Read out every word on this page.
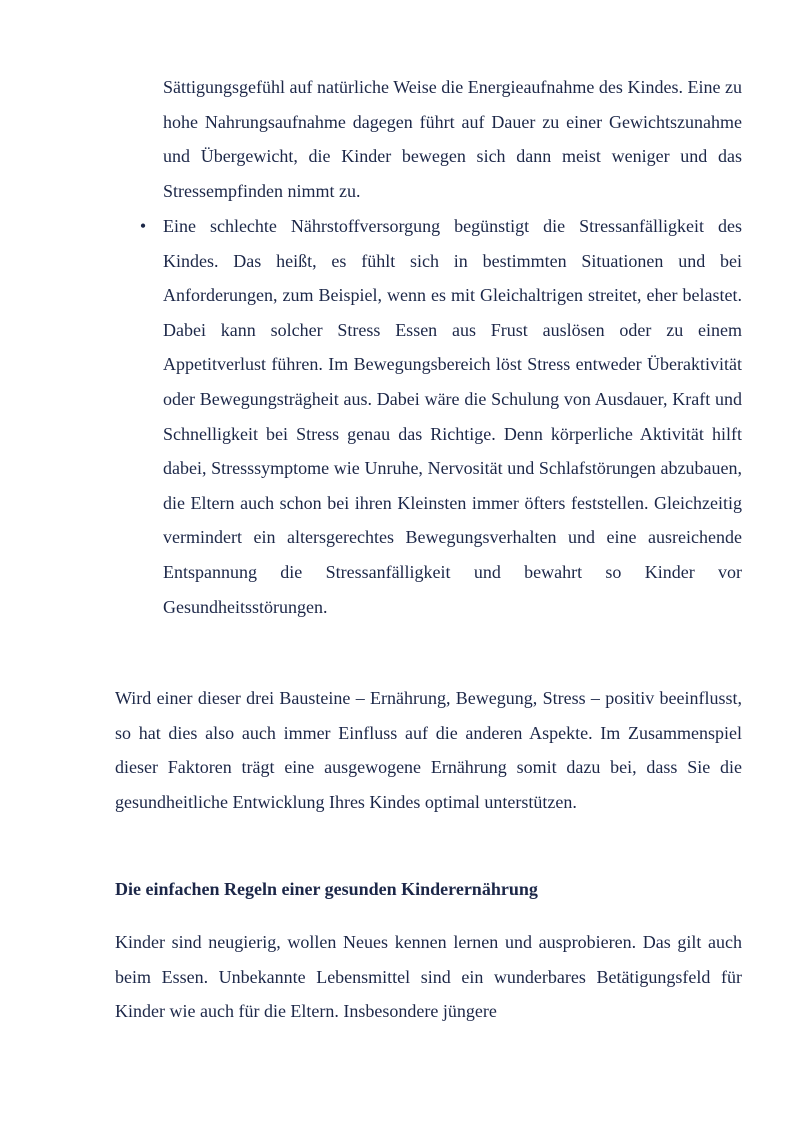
Sättigungsgefühl auf natürliche Weise die Energieaufnahme des Kindes. Eine zu hohe Nahrungsaufnahme dagegen führt auf Dauer zu einer Gewichtszunahme und Übergewicht, die Kinder bewegen sich dann meist weniger und das Stressempfinden nimmt zu.
• Eine schlechte Nährstoffversorgung begünstigt die Stressanfälligkeit des Kindes. Das heißt, es fühlt sich in bestimmten Situationen und bei Anforderungen, zum Beispiel, wenn es mit Gleichaltrigen streitet, eher belastet. Dabei kann solcher Stress Essen aus Frust auslösen oder zu einem Appetitverlust führen. Im Bewegungsbereich löst Stress entweder Überaktivität oder Bewegungsträgheit aus. Dabei wäre die Schulung von Ausdauer, Kraft und Schnelligkeit bei Stress genau das Richtige. Denn körperliche Aktivität hilft dabei, Stresssymptome wie Unruhe, Nervosität und Schlafstörungen abzubauen, die Eltern auch schon bei ihren Kleinsten immer öfters feststellen. Gleichzeitig vermindert ein altersgerechtes Bewegungsverhalten und eine ausreichende Entspannung die Stressanfälligkeit und bewahrt so Kinder vor Gesundheitsstörungen.
Wird einer dieser drei Bausteine – Ernährung, Bewegung, Stress – positiv beeinflusst, so hat dies also auch immer Einfluss auf die anderen Aspekte. Im Zusammenspiel dieser Faktoren trägt eine ausgewogene Ernährung somit dazu bei, dass Sie die gesundheitliche Entwicklung Ihres Kindes optimal unterstützen.
Die einfachen Regeln einer gesunden Kinderernährung
Kinder sind neugierig, wollen Neues kennen lernen und ausprobieren. Das gilt auch beim Essen. Unbekannte Lebensmittel sind ein wunderbares Betätigungsfeld für Kinder wie auch für die Eltern. Insbesondere jüngere
